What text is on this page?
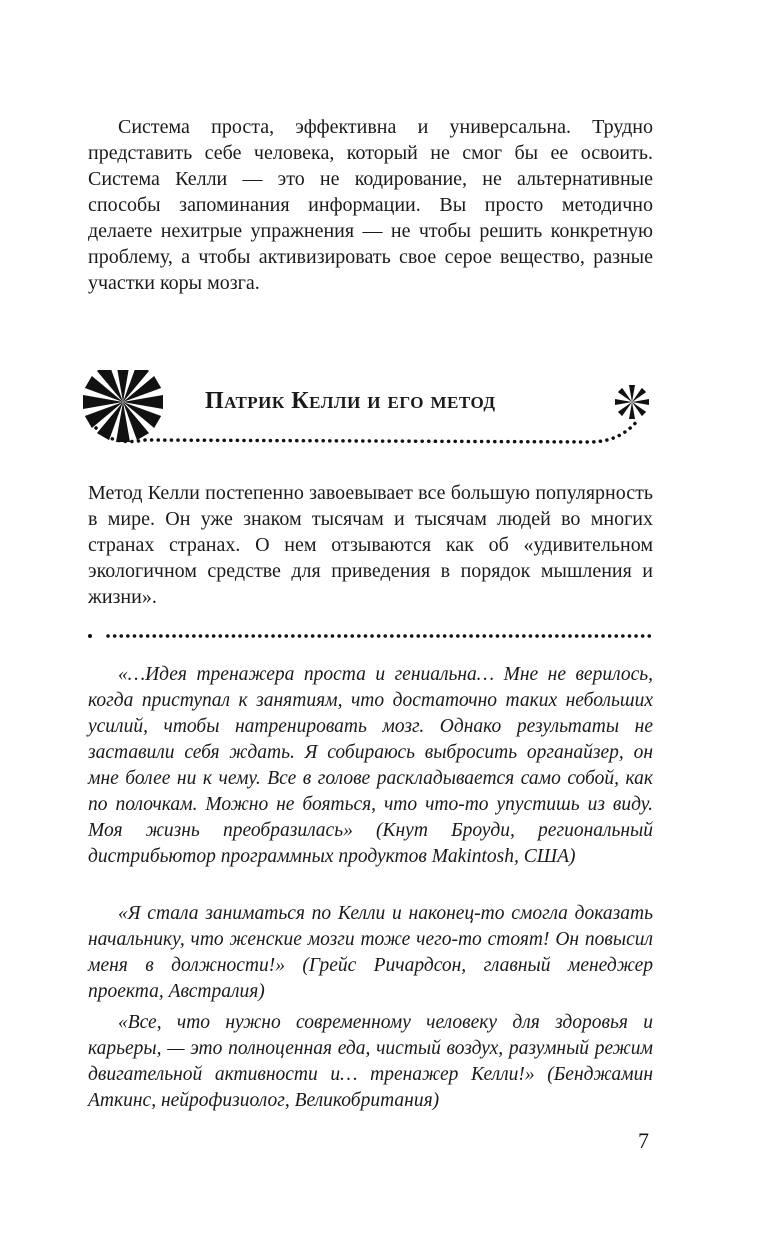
Система проста, эффективна и универсальна. Трудно представить себе человека, который не смог бы ее освоить. Система Келли — это не кодирование, не альтернативные способы запоминания информации. Вы просто методично делаете нехитрые упражнения — не чтобы решить конкретную проблему, а чтобы активизировать свое серое вещество, разные участки коры мозга.

Патрик Келли и его метод

Метод Келли постепенно завоевывает все большую популярность в мире. Он уже знаком тысячам и тысячам людей во многих странах странах. О нем отзываются как об «удивительном экологичном средстве для приведения в порядок мышления и жизни».

«…Идея тренажера проста и гениальна… Мне не верилось, когда приступал к занятиям, что достаточно таких небольших усилий, чтобы натренировать мозг. Однако результаты не заставили себя ждать. Я собираюсь выбросить органайзер, он мне более ни к чему. Все в голове раскладывается само собой, как по полочкам. Можно не бояться, что что-то упустишь из виду. Моя жизнь преобразилась» (Кнут Броуди, региональный дистрибьютор программных продуктов Makintosh, США)

«Я стала заниматься по Келли и наконец-то смогла доказать начальнику, что женские мозги тоже чего-то стоят! Он повысил меня в должности!» (Грейс Ричардсон, главный менеджер проекта, Австралия)

«Все, что нужно современному человеку для здоровья и карьеры, — это полноценная еда, чистый воздух, разумный режим двигательной активности и… тренажер Келли!» (Бенджамин Аткинс, нейрофизиолог, Великобритания)

7
